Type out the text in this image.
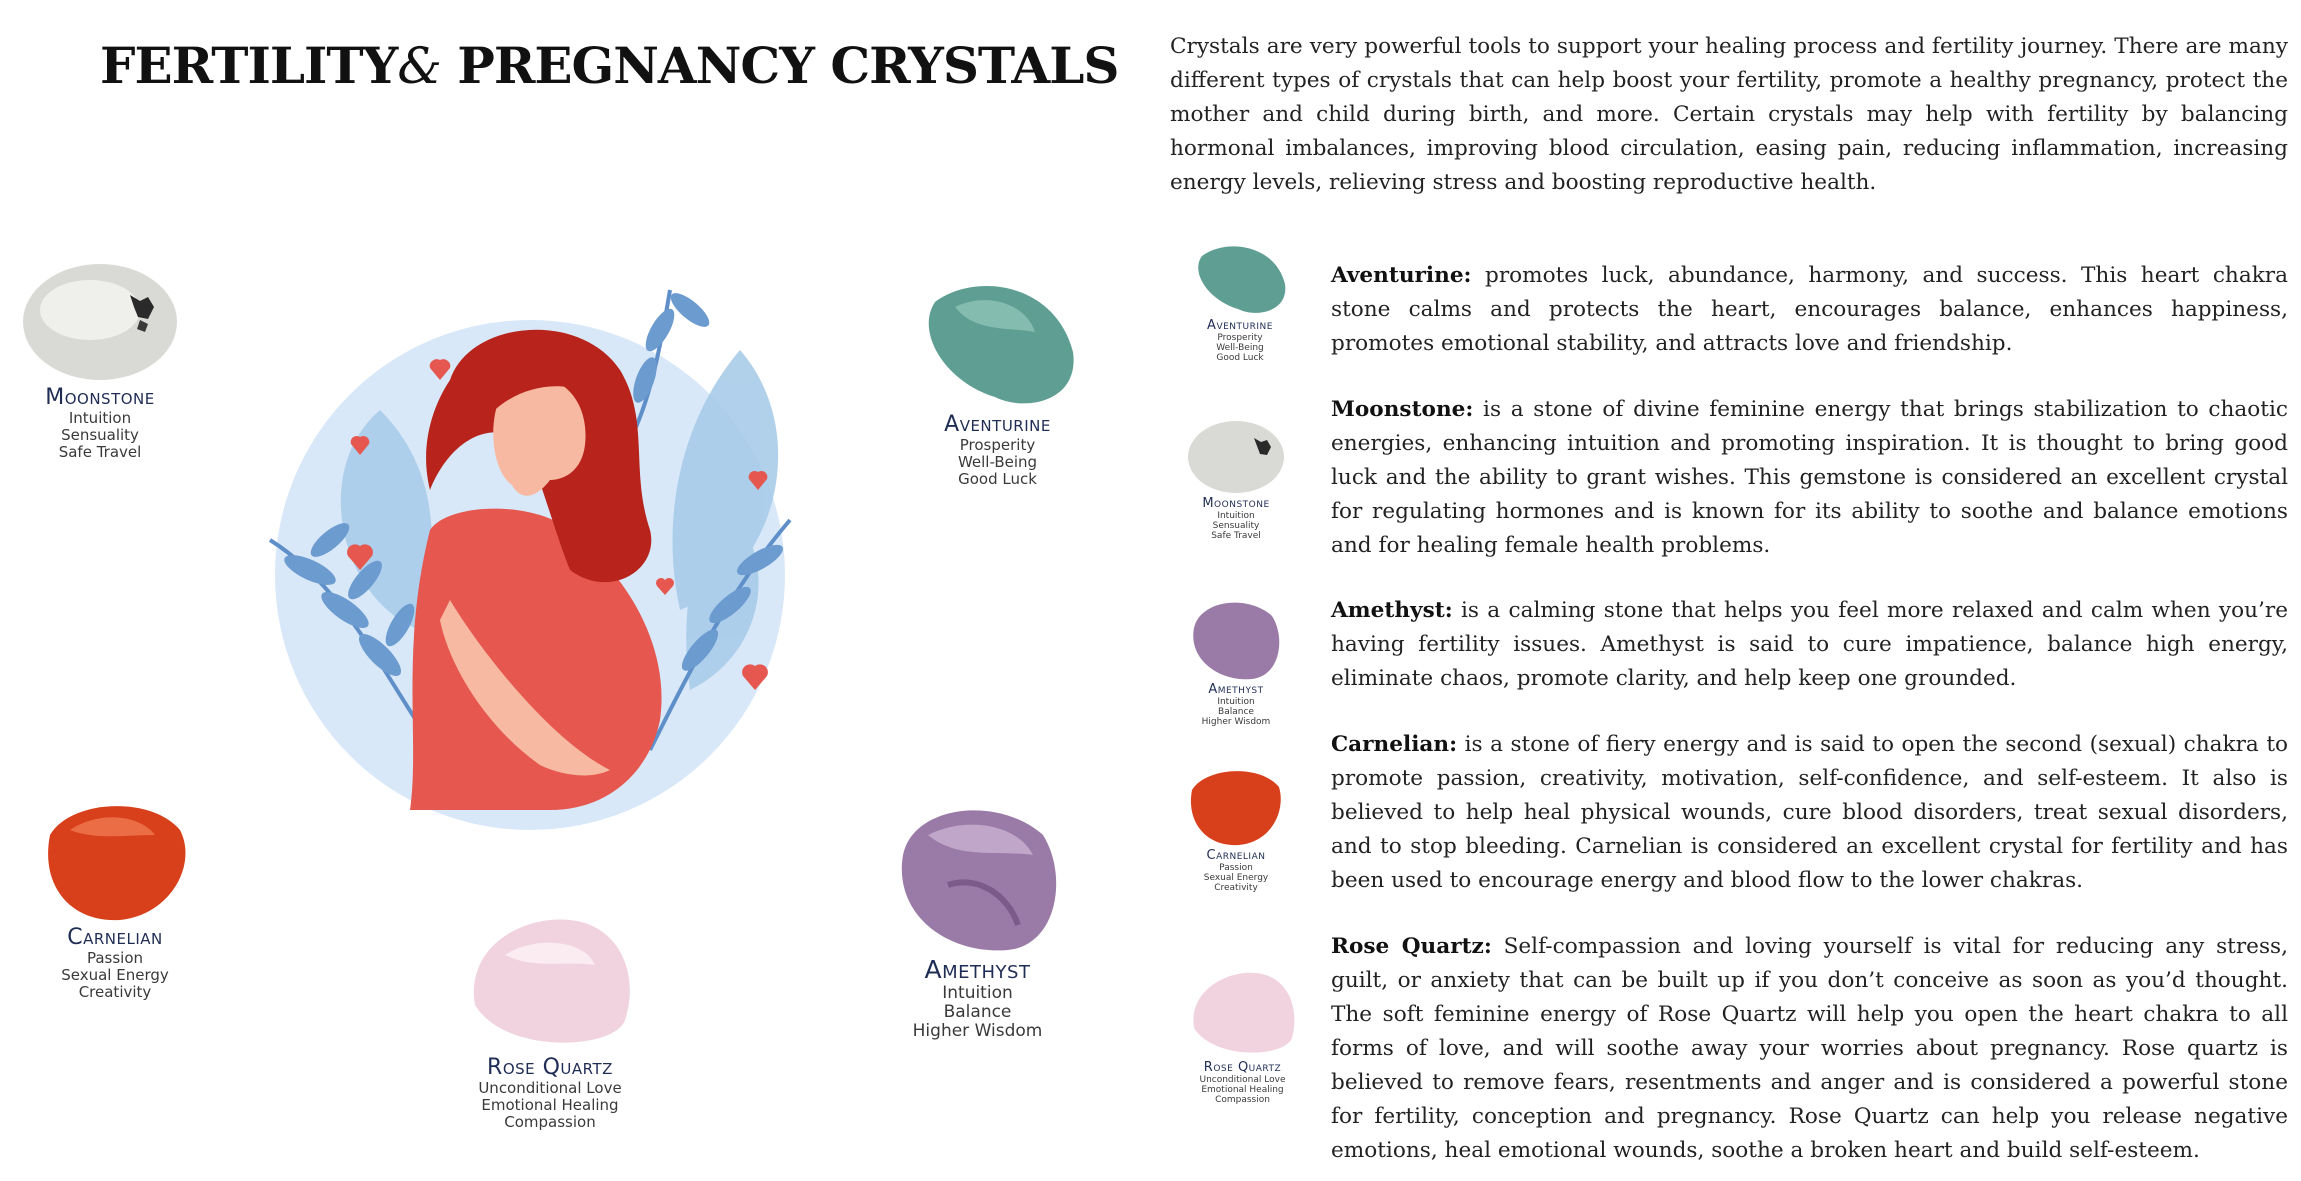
FERTILITY& PREGNANCY CRYSTALS
Moonstone
Intuition
Sensuality
Safe Travel
Aventurine
Prosperity
Well-Being
Good Luck
Carnelian
Passion
Sexual Energy
Creativity
Amethyst
Intuition
Balance
Higher Wisdom
Rose Quartz
Unconditional Love
Emotional Healing
Compassion
Crystals are very powerful tools to support your healing process and fertility journey. There are many different types of crystals that can help boost your fertility, promote a healthy pregnancy, protect the mother and child during birth, and more. Certain crystals may help with fertility by balancing hormonal imbalances, improving blood circulation, easing pain, reducing inflammation, increasing energy levels, relieving stress and boosting reproductive health.
Aventurine
Prosperity
Well-Being
Good Luck
Moonstone
Intuition
Sensuality
Safe Travel
Amethyst
Intuition
Balance
Higher Wisdom
Carnelian
Passion
Sexual Energy
Creativity
Rose Quartz
Unconditional Love
Emotional Healing
Compassion
Aventurine: promotes luck, abundance, harmony, and success. This heart chakra stone calms and protects the heart, encourages balance, enhances happiness, promotes emotional stability, and attracts love and friendship.
Moonstone: is a stone of divine feminine energy that brings stabilization to chaotic energies, enhancing intuition and promoting inspiration. It is thought to bring good luck and the ability to grant wishes. This gemstone is considered an excellent crystal for regulating hormones and is known for its ability to soothe and balance emotions and for healing female health problems.
Amethyst: is a calming stone that helps you feel more relaxed and calm when you’re having fertility issues. Amethyst is said to cure impatience, balance high energy, eliminate chaos, promote clarity, and help keep one grounded.
Carnelian: is a stone of fiery energy and is said to open the second (sexual) chakra to promote passion, creativity, motivation, self-confidence, and self-esteem. It also is believed to help heal physical wounds, cure blood disorders, treat sexual disorders, and to stop bleeding. Carnelian is considered an excellent crystal for fertility and has been used to encourage energy and blood flow to the lower chakras.
Rose Quartz: Self-compassion and loving yourself is vital for reducing any stress, guilt, or anxiety that can be built up if you don’t conceive as soon as you’d thought. The soft feminine energy of Rose Quartz will help you open the heart chakra to all forms of love, and will soothe away your worries about pregnancy. Rose quartz is believed to remove fears, resentments and anger and is considered a powerful stone for fertility, conception and pregnancy. Rose Quartz can help you release negative emotions, heal emotional wounds, soothe a broken heart and build self-esteem.
